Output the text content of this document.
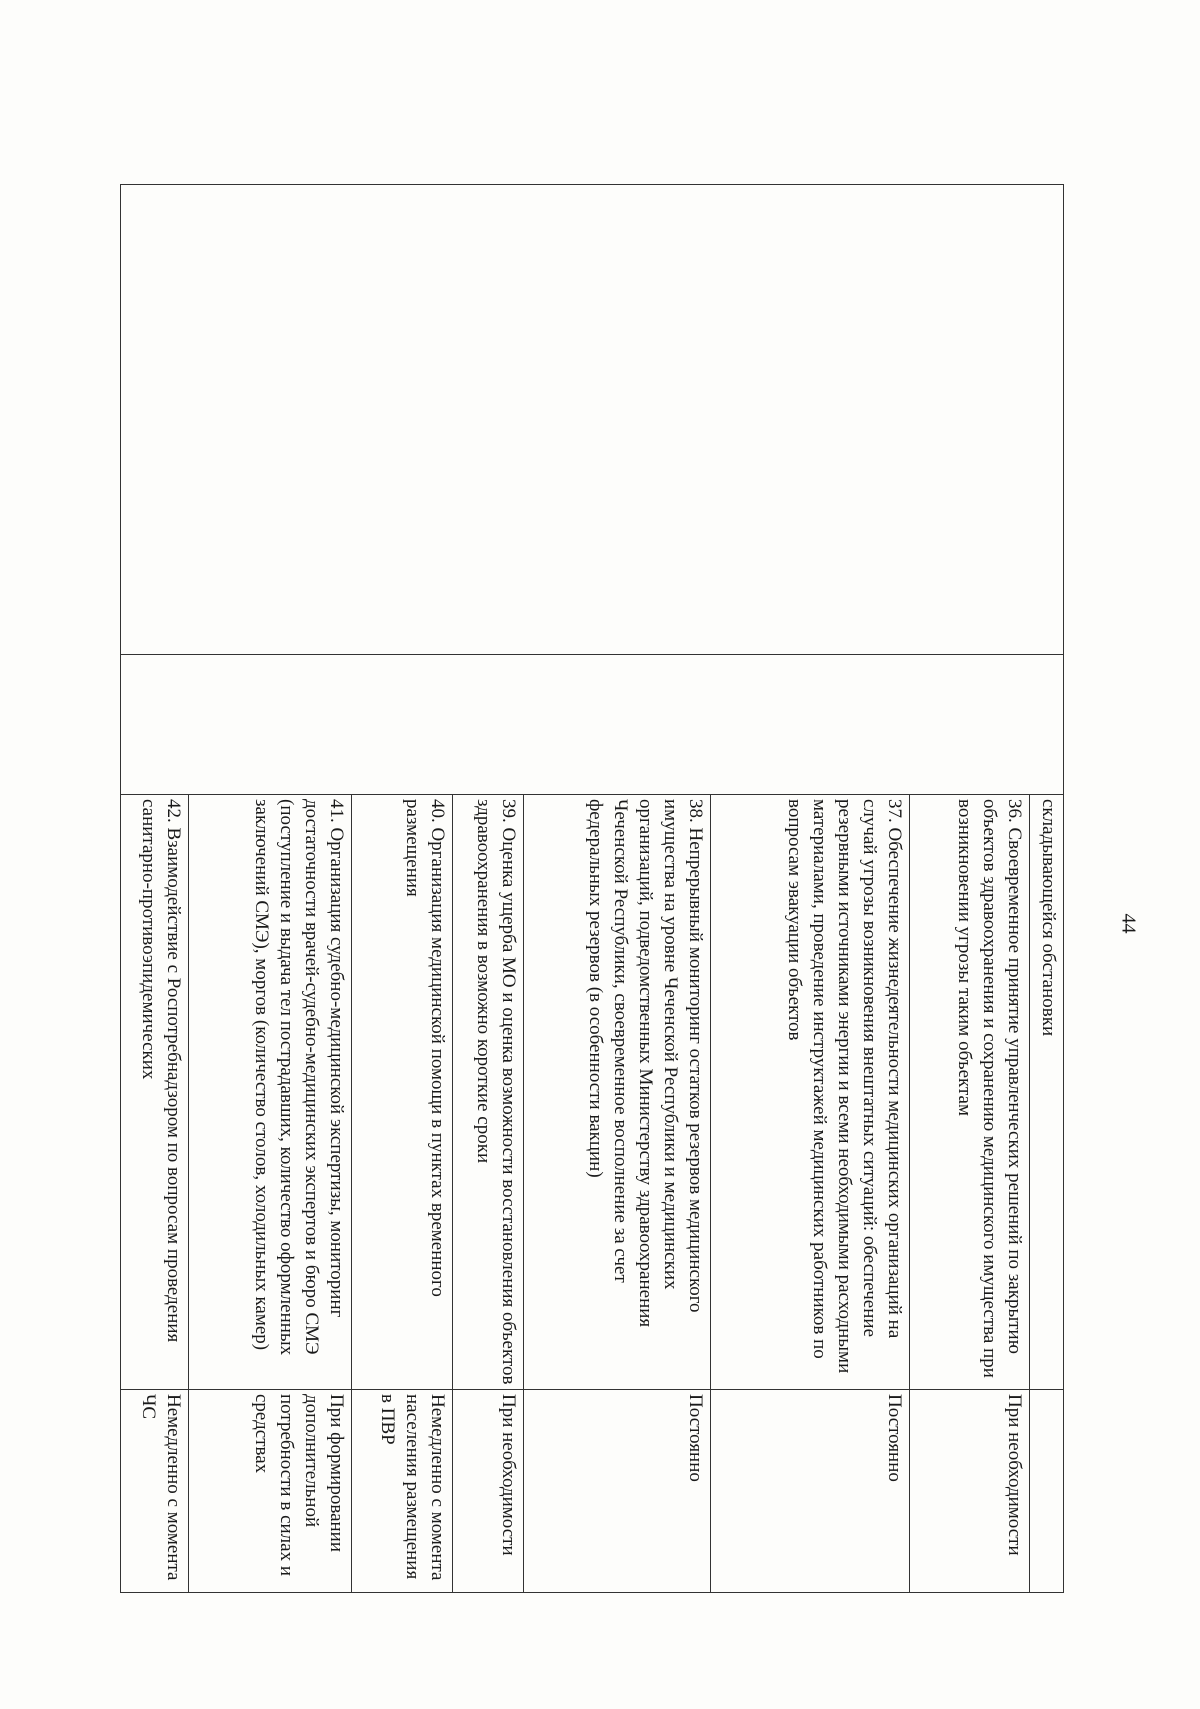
44
		складывающейся обстановки	
		36. Своевременное принятие управленческих решений по закрытию объектов здравоохранения и сохранению медицинского имущества при возникновении угрозы таким объектам	При необходимости
		37. Обеспечение жизнедеятельности медицинских организаций на случай угрозы возникновения внештатных ситуаций: обеспечение резервными источниками энергии и всеми необходимыми расходными материалами, проведение инструктажей медицинских работников по вопросам эвакуации объектов	Постоянно
		38. Непрерывный мониторинг остатков резервов медицинского имущества на уровне Чеченской Республики и медицинских организаций, подведомственных Министерству здравоохранения Чеченской Республики, своевременное восполнение за счет федеральных резервов (в особенности вакцин)	Постоянно
		39. Оценка ущерба МО и оценка возможности восстановления объектов здравоохранения в возможно короткие сроки	При необходимости
		40. Организация медицинской помощи в пунктах временного размещения	Немедленно с момента населения размещения в ПВР
		41. Организация судебно-медицинской экспертизы, мониторинг достаточности врачей-судебно-медицинских экспертов и бюро СМЭ (поступление и выдача тел пострадавших, количество оформленных заключений СМЭ), моргов (количество столов, холодильных камер)	При формировании дополнительной потребности в силах и средствах
		42. Взаимодействие с Роспотребнадзором по вопросам проведения санитарно-противоэпидемических	Немедленно с момента ЧС
